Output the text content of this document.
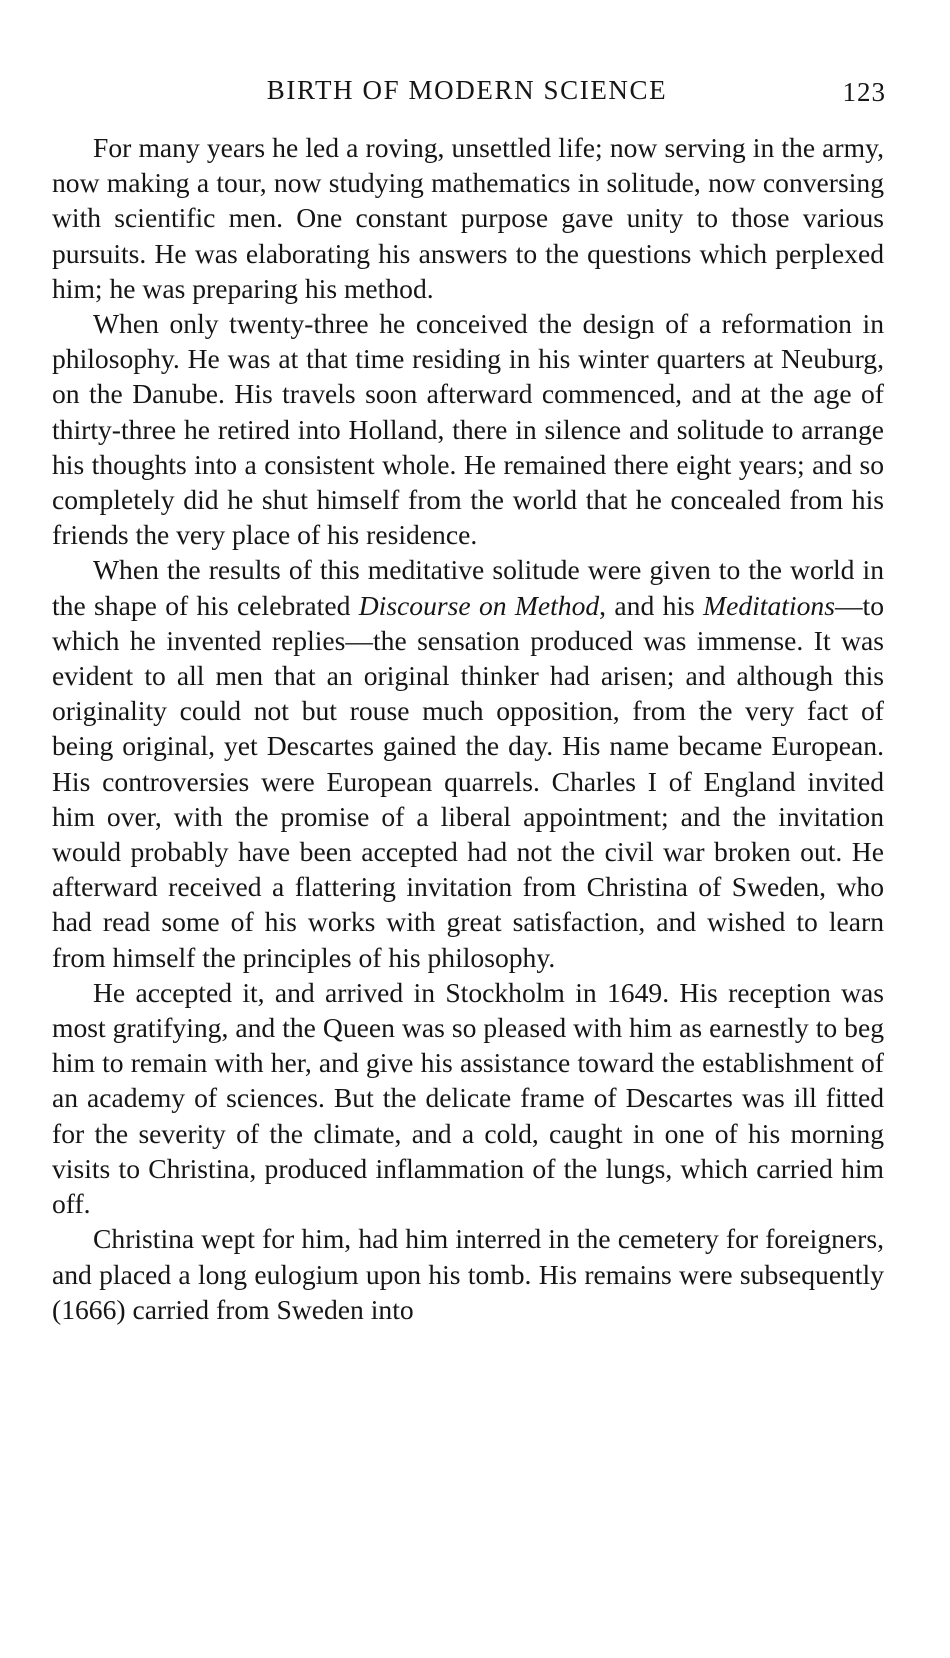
BIRTH OF MODERN SCIENCE	123

For many years he led a roving, unsettled life; now serving in the army, now making a tour, now studying mathematics in solitude, now conversing with scientific men. One constant purpose gave unity to those various pursuits. He was elaborating his answers to the questions which perplexed him; he was preparing his method.

When only twenty-three he conceived the design of a reformation in philosophy. He was at that time residing in his winter quarters at Neuburg, on the Danube. His travels soon afterward commenced, and at the age of thirty-three he retired into Holland, there in silence and solitude to arrange his thoughts into a consistent whole. He remained there eight years; and so completely did he shut himself from the world that he concealed from his friends the very place of his residence.

When the results of this meditative solitude were given to the world in the shape of his celebrated Discourse on Method, and his Meditations—to which he invented replies—the sensation produced was immense. It was evident to all men that an original thinker had arisen; and although this originality could not but rouse much opposition, from the very fact of being original, yet Descartes gained the day. His name became European. His controversies were European quarrels. Charles I of England invited him over, with the promise of a liberal appointment; and the invitation would probably have been accepted had not the civil war broken out. He afterward received a flattering invitation from Christina of Sweden, who had read some of his works with great satisfaction, and wished to learn from himself the principles of his philosophy.

He accepted it, and arrived in Stockholm in 1649. His reception was most gratifying, and the Queen was so pleased with him as earnestly to beg him to remain with her, and give his assistance toward the establishment of an academy of sciences. But the delicate frame of Descartes was ill fitted for the severity of the climate, and a cold, caught in one of his morning visits to Christina, produced inflammation of the lungs, which carried him off.

Christina wept for him, had him interred in the cemetery for foreigners, and placed a long eulogium upon his tomb. His remains were subsequently (1666) carried from Sweden into
